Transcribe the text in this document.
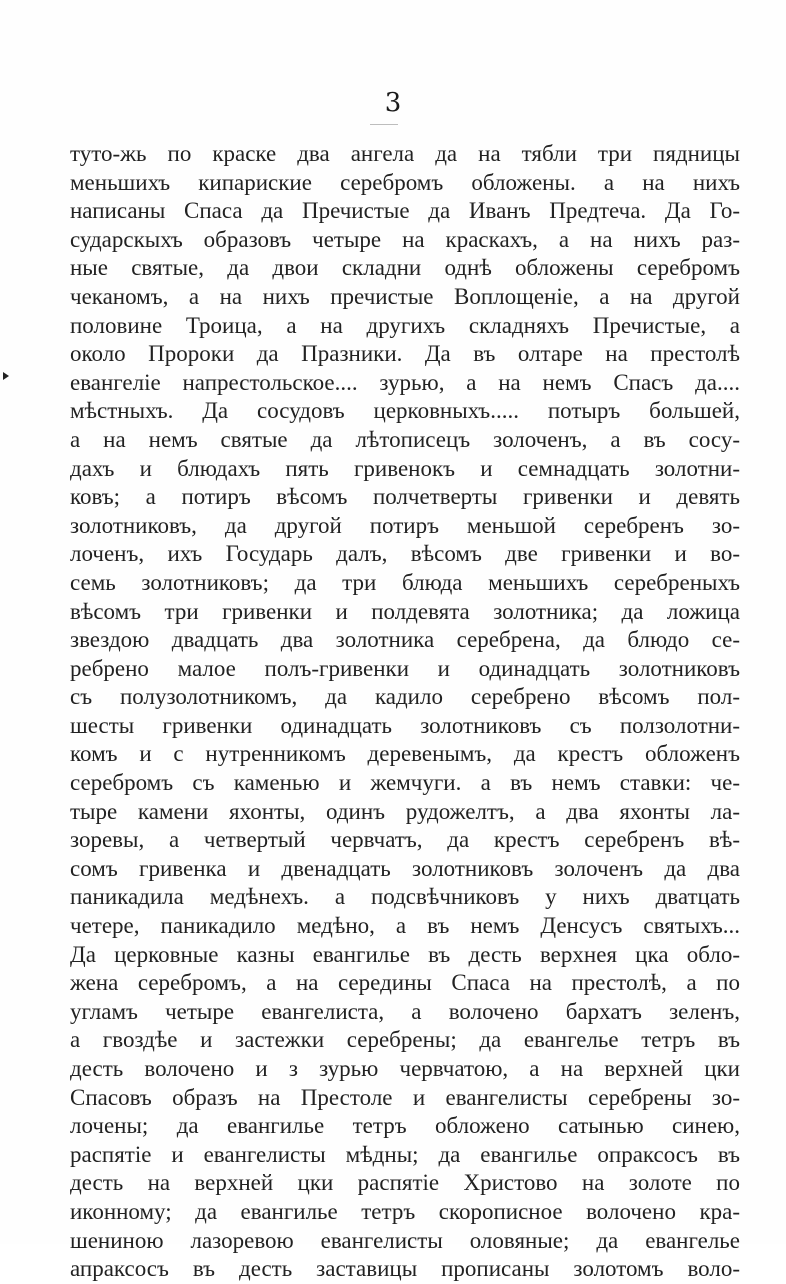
3
туто-жь по краске два ангела да на тябли три пядницы
меньшихъ кипариские серебромъ обложены. а на нихъ
написаны Спаса да Пречистые да Иванъ Предтеча. Да Го-
сударскыхъ образовъ четыре на краскахъ, а на нихъ раз-
ные святые, да двои складни однѣ обложены серебромъ
чеканомъ, а на нихъ пречистые Воплощеніе, а на другой
половине Троица, а на другихъ складняхъ Пречистые, а
около Пророки да Празники. Да въ олтаре на престолѣ
евангеліе напрестольское.... зурью, а на немъ Спасъ да....
мѣстныхъ. Да сосудовъ церковныхъ..... потыръ большей,
а на немъ святые да лѣтописецъ золоченъ, а въ сосу-
дахъ и блюдахъ пять гривенокъ и семнадцать золотни-
ковъ; а потиръ вѣсомъ полчетверты гривенки и девять
золотниковъ, да другой потиръ меньшой серебренъ зо-
лоченъ, ихъ Государь далъ, вѣсомъ две гривенки и во-
семь золотниковъ; да три блюда меньшихъ серебреныхъ
вѣсомъ три гривенки и полдевята золотника; да ложица
звездою двадцать два золотника серебрена, да блюдо се-
ребрено малое полъ-гривенки и одинадцать золотниковъ
съ полузолотникомъ, да кадило серебрено вѣсомъ пол-
шесты гривенки одинадцать золотниковъ съ ползолотни-
комъ и с нутренникомъ деревенымъ, да крестъ обложенъ
серебромъ съ каменью и жемчуги. а въ немъ ставки: че-
тыре камени яхонты, одинъ рудожелтъ, а два яхонты ла-
зоревы, а четвертый червчатъ, да крестъ серебренъ вѣ-
сомъ гривенка и двенадцать золотниковъ золоченъ да два
паникадила медѣнехъ. а подсвѣчниковъ у нихъ дватцать
четере, паникадило медѣно, а въ немъ Денсусъ святыхъ...
Да церковные казны евангилье въ десть верхнея цка обло-
жена серебромъ, а на середины Спаса на престолѣ, а по
угламъ четыре евангелиста, а волочено бархатъ зеленъ,
а гвоздѣе и застежки серебрены; да евангелье тетръ въ
десть волочено и з зурью червчатою, а на верхней цки
Спасовъ образъ на Престоле и евангелисты серебрены зо-
лочены; да евангилье тетръ обложено сатынью синею,
распятіе и евангелисты мѣдны; да евангилье опраксосъ въ
десть на верхней цки распятіе Христово на золоте по
иконному; да евангилье тетръ скорописное волочено кра-
шениною лазоревою евангелисты оловяные; да евангелье
апраксосъ въ десть заставицы прописаны золотомъ воло-
